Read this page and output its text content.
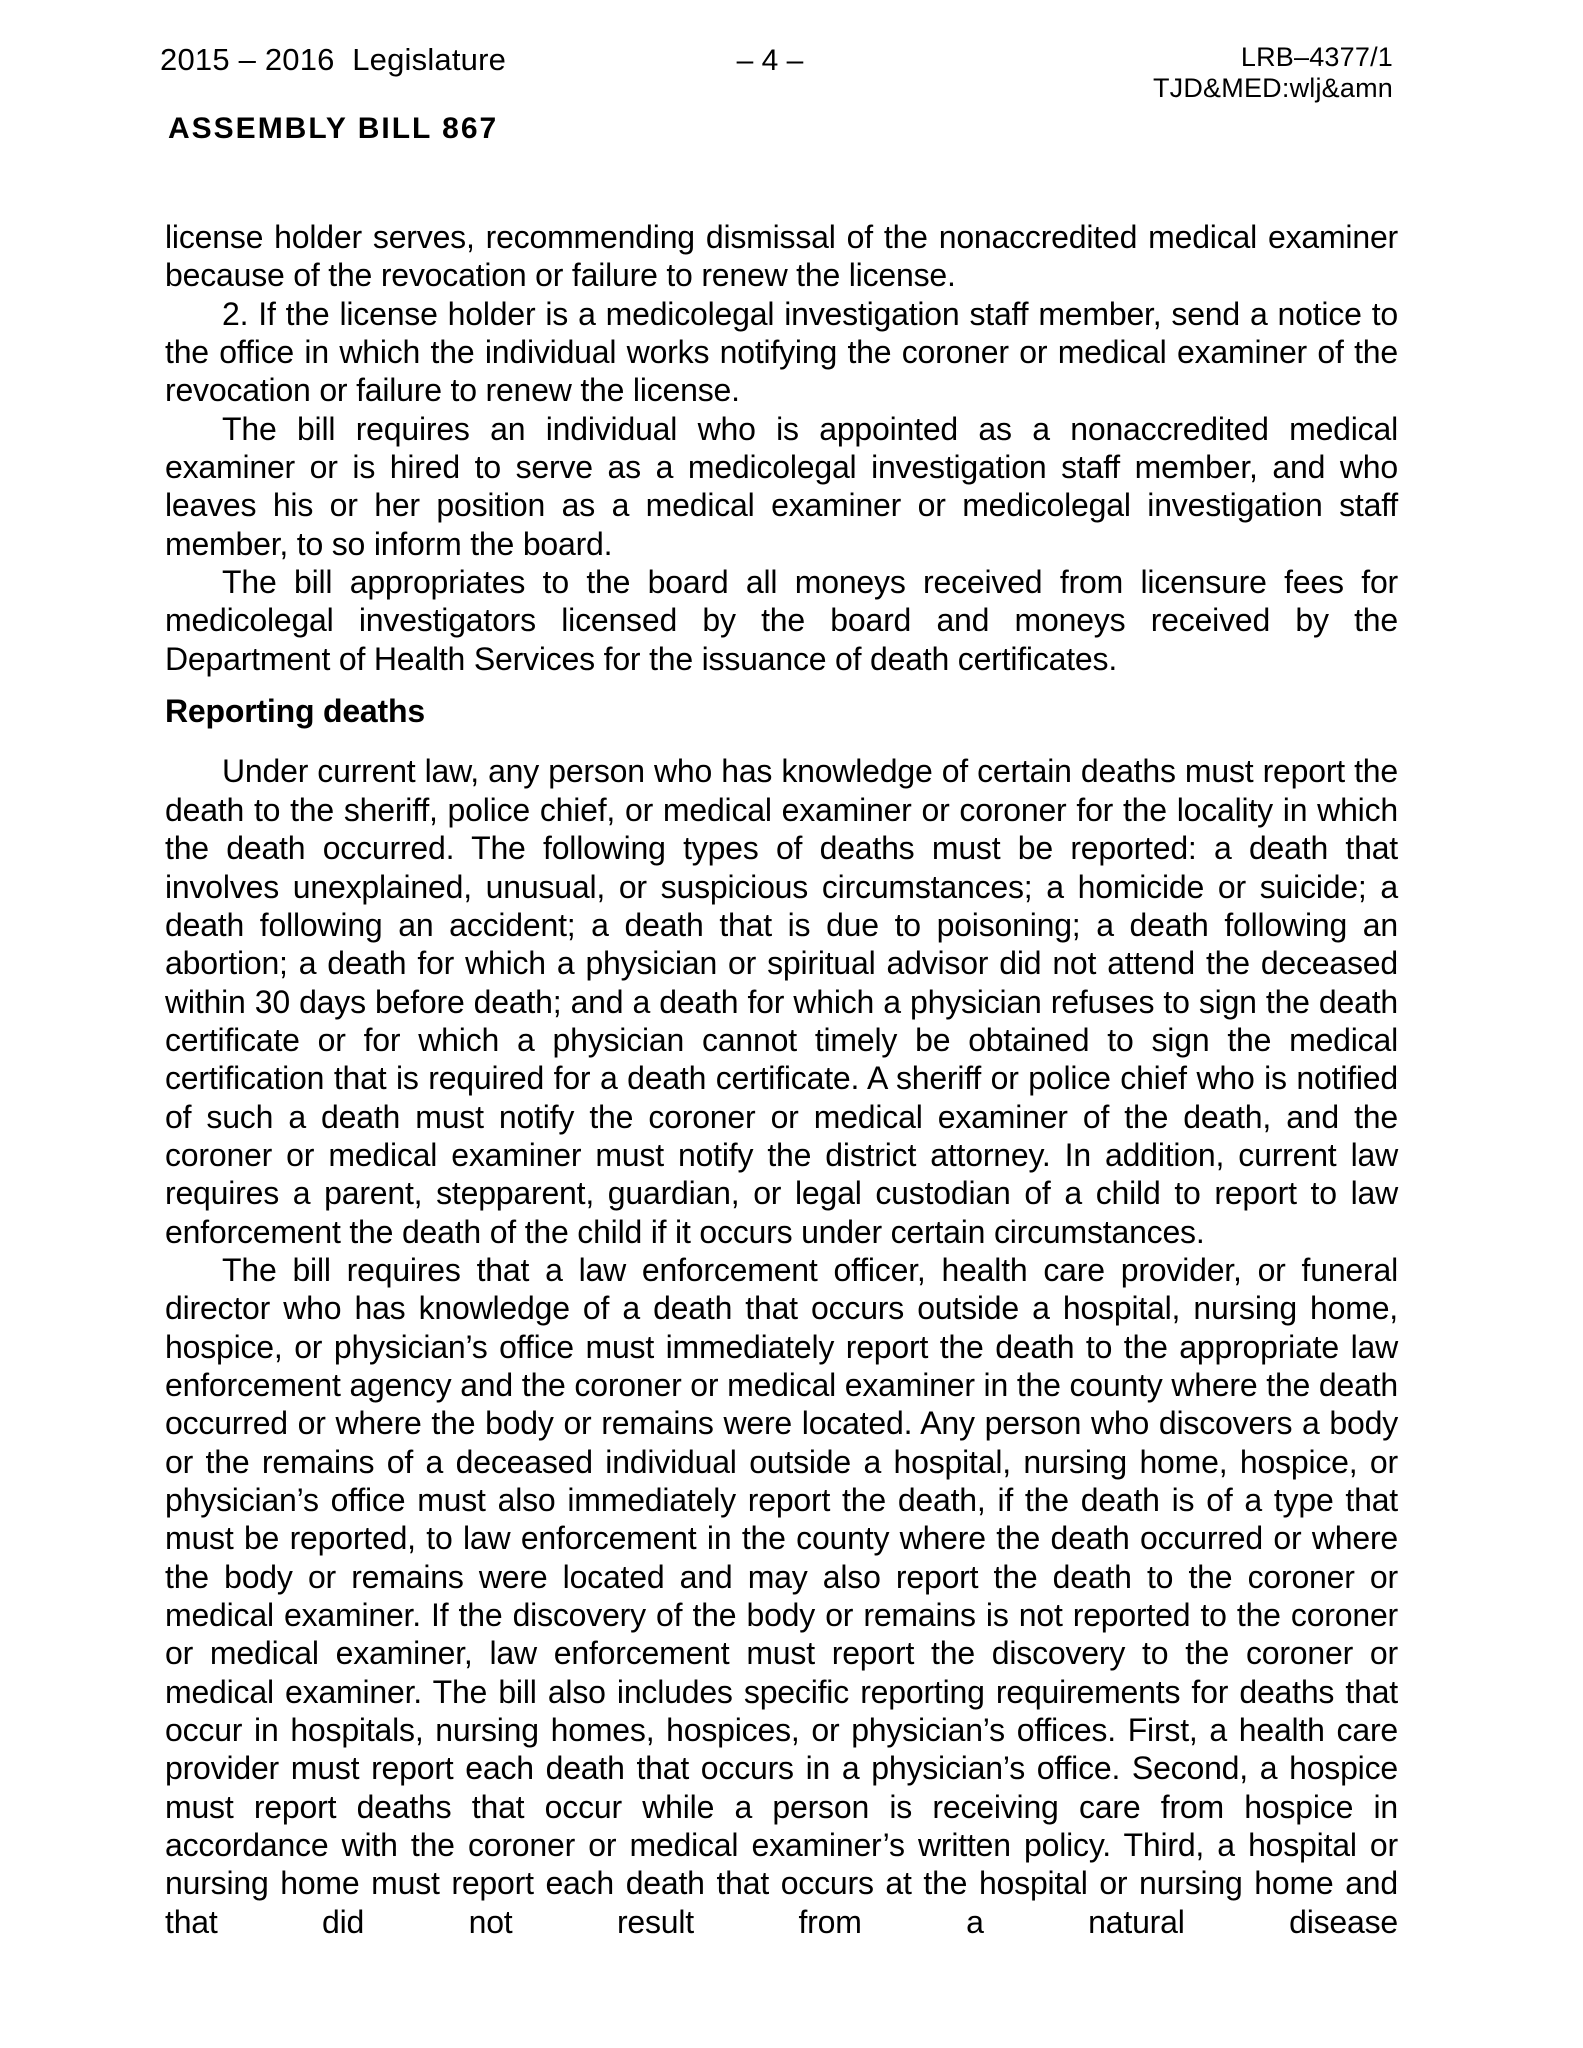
2015 – 2016  Legislature	– 4 –	LRB–4377/1
TJD&MED:wlj&amn
ASSEMBLY BILL 867

license holder serves, recommending dismissal of the nonaccredited medical examiner because of the revocation or failure to renew the license.

2. If the license holder is a medicolegal investigation staff member, send a notice to the office in which the individual works notifying the coroner or medical examiner of the revocation or failure to renew the license.

The bill requires an individual who is appointed as a nonaccredited medical examiner or is hired to serve as a medicolegal investigation staff member, and who leaves his or her position as a medical examiner or medicolegal investigation staff member, to so inform the board.

The bill appropriates to the board all moneys received from licensure fees for medicolegal investigators licensed by the board and moneys received by the Department of Health Services for the issuance of death certificates.

Reporting deaths

Under current law, any person who has knowledge of certain deaths must report the death to the sheriff, police chief, or medical examiner or coroner for the locality in which the death occurred. The following types of deaths must be reported: a death that involves unexplained, unusual, or suspicious circumstances; a homicide or suicide; a death following an accident; a death that is due to poisoning; a death following an abortion; a death for which a physician or spiritual advisor did not attend the deceased within 30 days before death; and a death for which a physician refuses to sign the death certificate or for which a physician cannot timely be obtained to sign the medical certification that is required for a death certificate. A sheriff or police chief who is notified of such a death must notify the coroner or medical examiner of the death, and the coroner or medical examiner must notify the district attorney. In addition, current law requires a parent, stepparent, guardian, or legal custodian of a child to report to law enforcement the death of the child if it occurs under certain circumstances.

The bill requires that a law enforcement officer, health care provider, or funeral director who has knowledge of a death that occurs outside a hospital, nursing home, hospice, or physician’s office must immediately report the death to the appropriate law enforcement agency and the coroner or medical examiner in the county where the death occurred or where the body or remains were located. Any person who discovers a body or the remains of a deceased individual outside a hospital, nursing home, hospice, or physician’s office must also immediately report the death, if the death is of a type that must be reported, to law enforcement in the county where the death occurred or where the body or remains were located and may also report the death to the coroner or medical examiner. If the discovery of the body or remains is not reported to the coroner or medical examiner, law enforcement must report the discovery to the coroner or medical examiner. The bill also includes specific reporting requirements for deaths that occur in hospitals, nursing homes, hospices, or physician’s offices. First, a health care provider must report each death that occurs in a physician’s office. Second, a hospice must report deaths that occur while a person is receiving care from hospice in accordance with the coroner or medical examiner’s written policy. Third, a hospital or nursing home must report each death that occurs at the hospital or nursing home and that did not result from a natural disease
